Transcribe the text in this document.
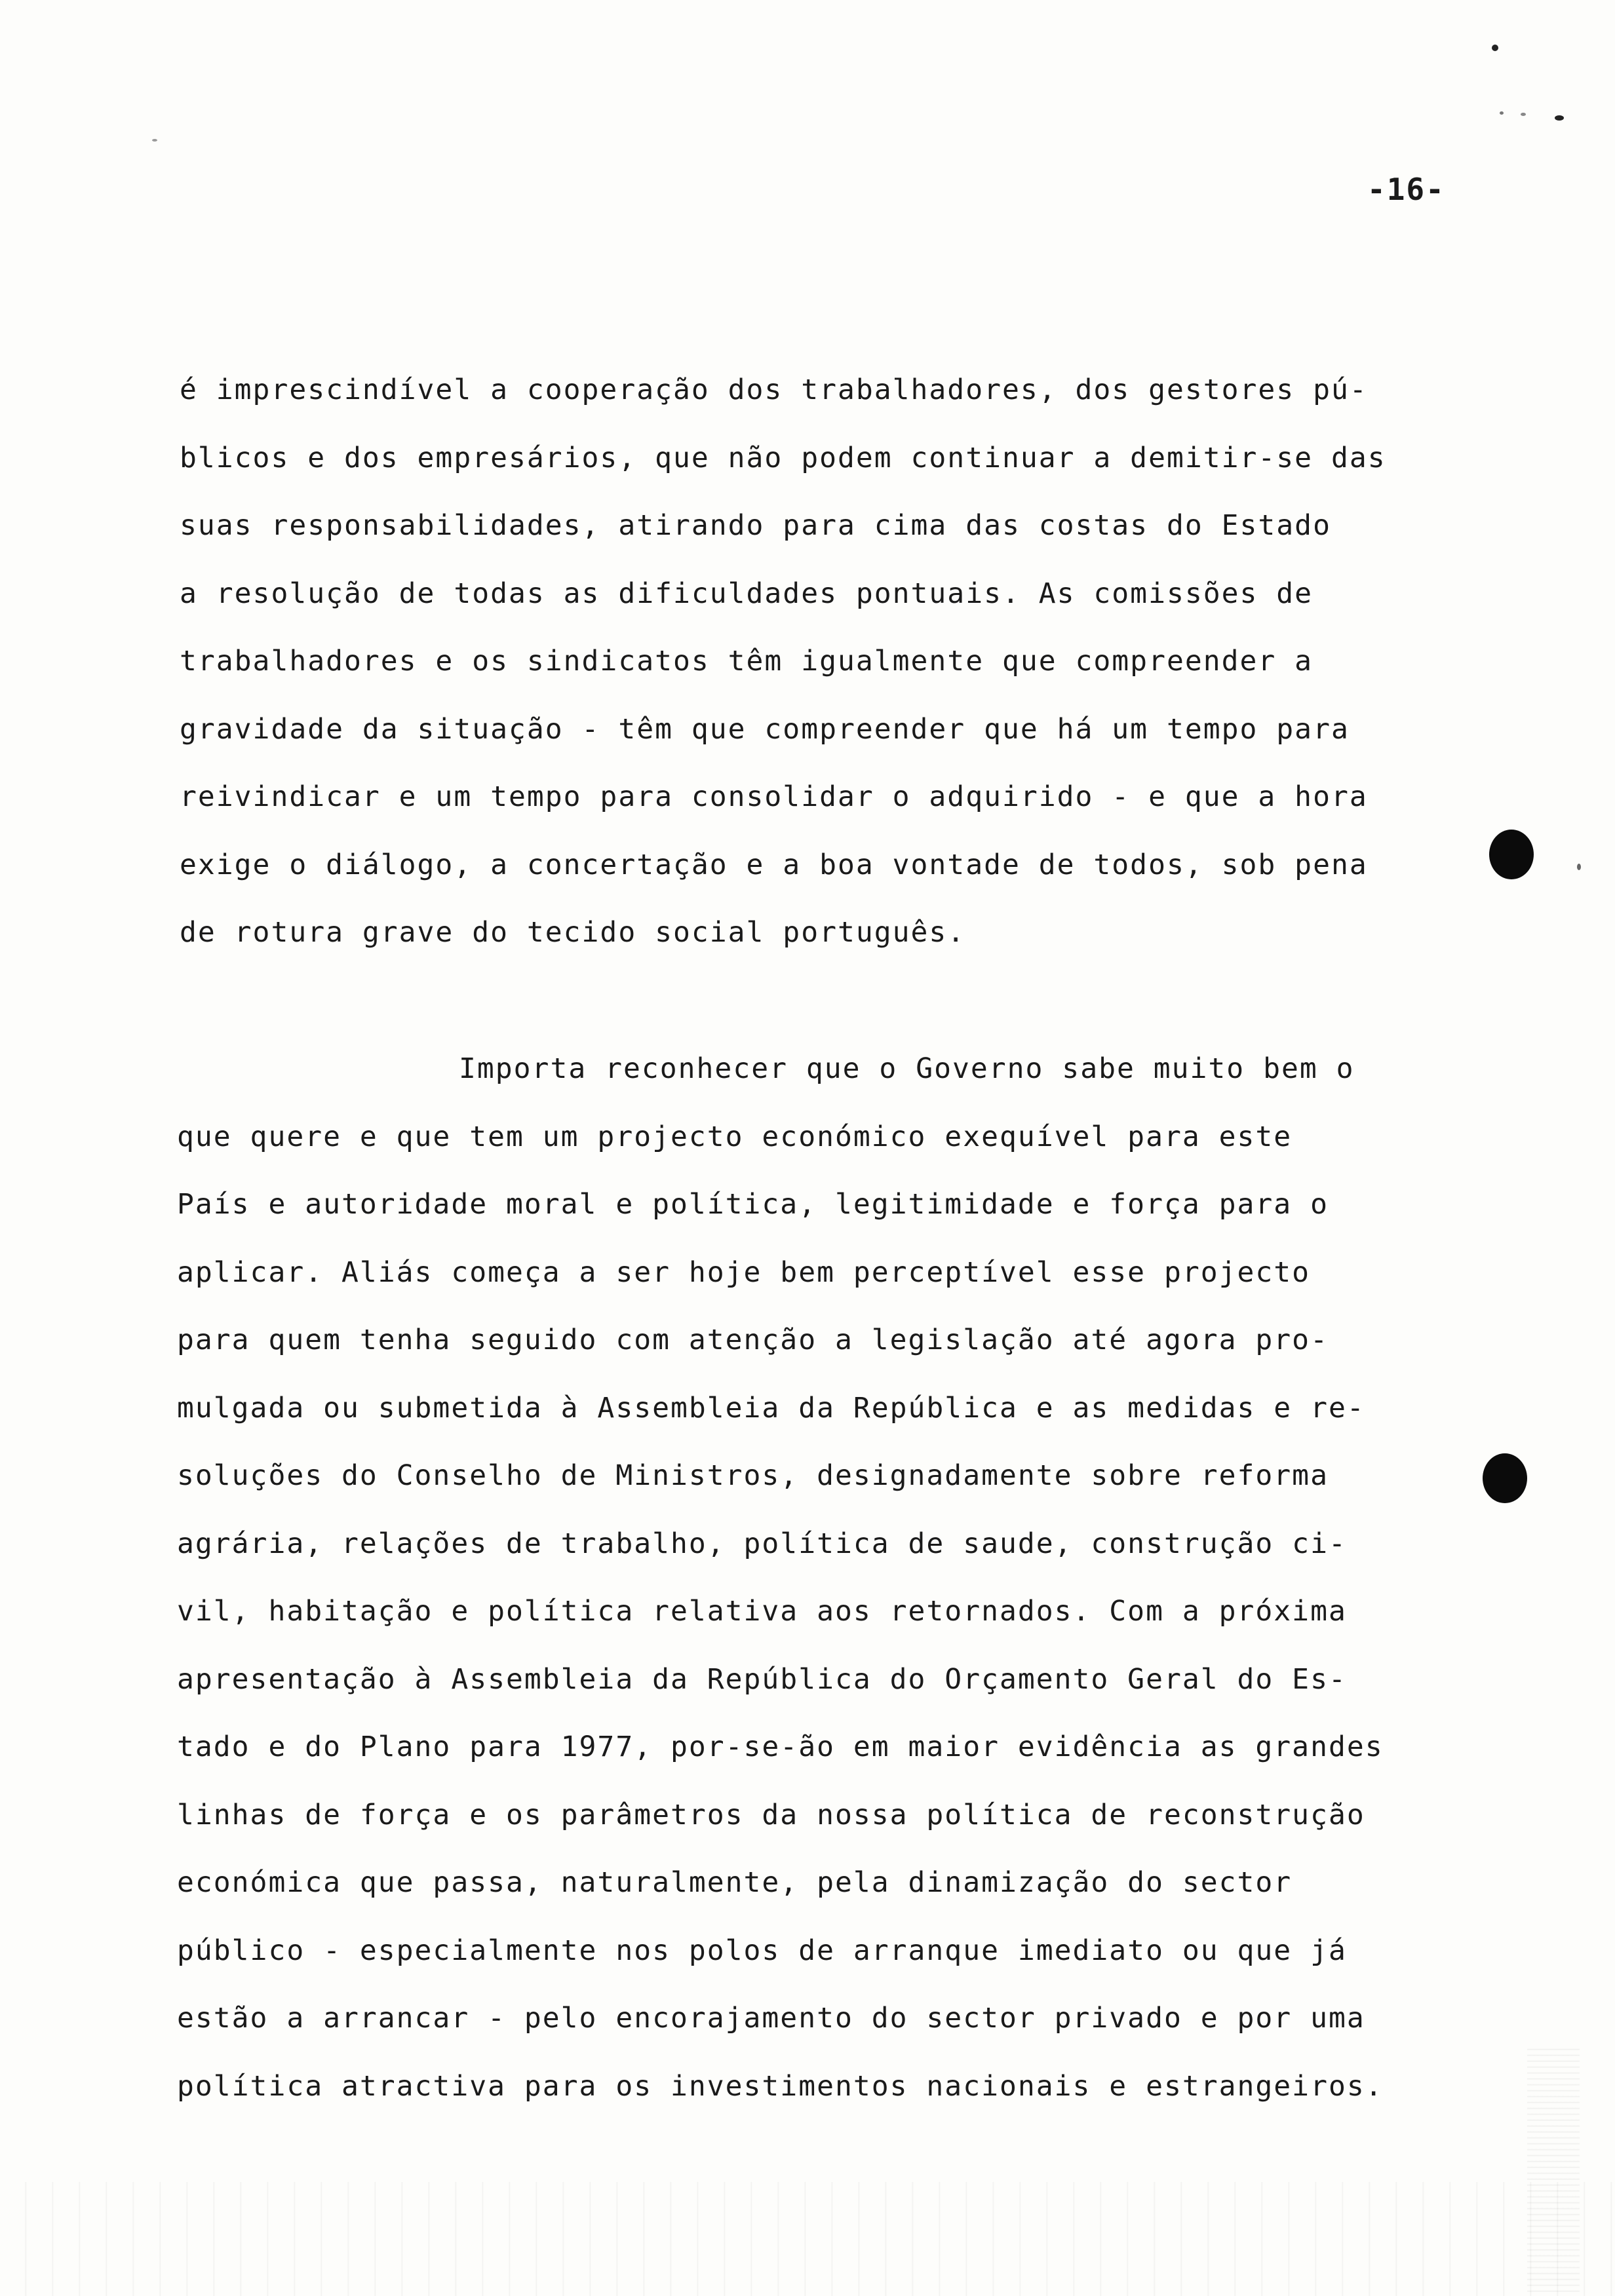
-16-

é imprescindível a cooperação dos trabalhadores, dos gestores pú-
blicos e dos empresários, que não podem continuar a demitir-se das
suas responsabilidades, atirando para cima das costas do Estado
a resolução de todas as dificuldades pontuais. As comissões de
trabalhadores e os sindicatos têm igualmente que compreender a
gravidade da situação - têm que compreender que há um tempo para
reivindicar e um tempo para consolidar o adquirido - e que a hora
exige o diálogo, a concertação e a boa vontade de todos, sob pena
de rotura grave do tecido social português.

Importa reconhecer que o Governo sabe muito bem o
que quere e que tem um projecto económico exequível para este
País e autoridade moral e política, legitimidade e força para o
aplicar. Aliás começa a ser hoje bem perceptível esse projecto
para quem tenha seguido com atenção a legislação até agora pro-
mulgada ou submetida à Assembleia da República e as medidas e re-
soluções do Conselho de Ministros, designadamente sobre reforma
agrária, relações de trabalho, política de saude, construção ci-
vil, habitação e política relativa aos retornados. Com a próxima
apresentação à Assembleia da República do Orçamento Geral do Es-
tado e do Plano para 1977, por-se-ão em maior evidência as grandes
linhas de força e os parâmetros da nossa política de reconstrução
económica que passa, naturalmente, pela dinamização do sector
público - especialmente nos polos de arranque imediato ou que já
estão a arrancar - pelo encorajamento do sector privado e por uma
política atractiva para os investimentos nacionais e estrangeiros.
